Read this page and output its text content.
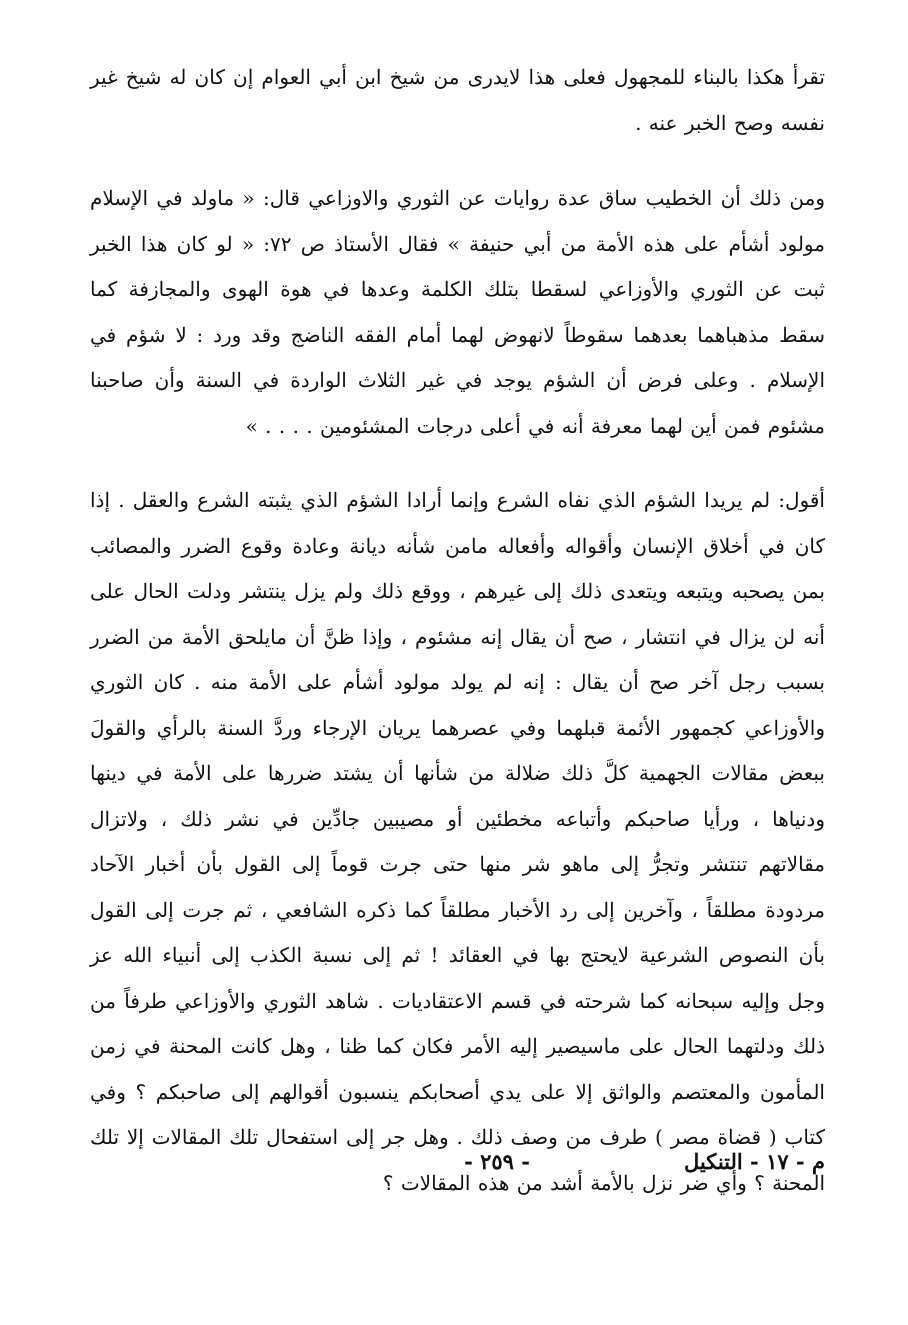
تقرأ هكذا بالبناء للمجهول فعلى هذا لايدرى من شيخ ابن أبي العوام إن كان له شيخ غير نفسه وصح الخبر عنه .

ومن ذلك أن الخطيب ساق عدة روايات عن الثوري والاوزاعي قال: « ماولد في الإسلام مولود أشأم على هذه الأمة من أبي حنيفة » فقال الأستاذ ص ٧٢: « لو كان هذا الخبر ثبت عن الثوري والأوزاعي لسقطا بتلك الكلمة وعدها في هوة الهوى والمجازفة كما سقط مذهباهما بعدهما سقوطاً لانهوض لهما أمام الفقه الناضج وقد ورد : لا شؤم في الإسلام . وعلى فرض أن الشؤم يوجد في غير الثلاث الواردة في السنة وأن صاحبنا مشئوم فمن أين لهما معرفة أنه في أعلى درجات المشئومين . . . . »

أقول: لم يريدا الشؤم الذي نفاه الشرع وإنما أرادا الشؤم الذي يثبته الشرع والعقل . إذا كان في أخلاق الإنسان وأقواله وأفعاله مامن شأنه ديانة وعادة وقوع الضرر والمصائب بمن يصحبه ويتبعه ويتعدى ذلك إلى غيرهم ، ووقع ذلك ولم يزل ينتشر ودلت الحال على أنه لن يزال في انتشار ، صح أن يقال إنه مشئوم ، وإذا ظنَّ أن مايلحق الأمة من الضرر بسبب رجل آخر صح أن يقال : إنه لم يولد مولود أشأم على الأمة منه . كان الثوري والأوزاعي كجمهور الأئمة قبلهما وفي عصرهما يريان الإرجاء وردَّ السنة بالرأي والقولَ ببعض مقالات الجهمية كلَّ ذلك ضلالة من شأنها أن يشتد ضررها على الأمة في دينها ودنياها ، ورأيا صاحبكم وأتباعه مخطئين أو مصيبين جادِّين في نشر ذلك ، ولاتزال مقالاتهم تنتشر وتجرُّ إلى ماهو شر منها حتى جرت قوماً إلى القول بأن أخبار الآحاد مردودة مطلقاً ، وآخرين إلى رد الأخبار مطلقاً كما ذكره الشافعي ، ثم جرت إلى القول بأن النصوص الشرعية لايحتج بها في العقائد ! ثم إلى نسبة الكذب إلى أنبياء الله عز وجل وإليه سبحانه كما شرحته في قسم الاعتقاديات . شاهد الثوري والأوزاعي طرفاً من ذلك ودلتهما الحال على ماسيصير إليه الأمر فكان كما ظنا ، وهل كانت المحنة في زمن المأمون والمعتصم والواثق إلا على يدي أصحابكم ينسبون أقوالهم إلى صاحبكم ؟ وفي كتاب ( قضاة مصر ) طرف من وصف ذلك . وهل جر إلى استفحال تلك المقالات إلا تلك المحنة ؟ وأي ضر نزل بالأمة أشد من هذه المقالات ؟

م - ١٧ - التنكيل
- ٢٥٩ -
